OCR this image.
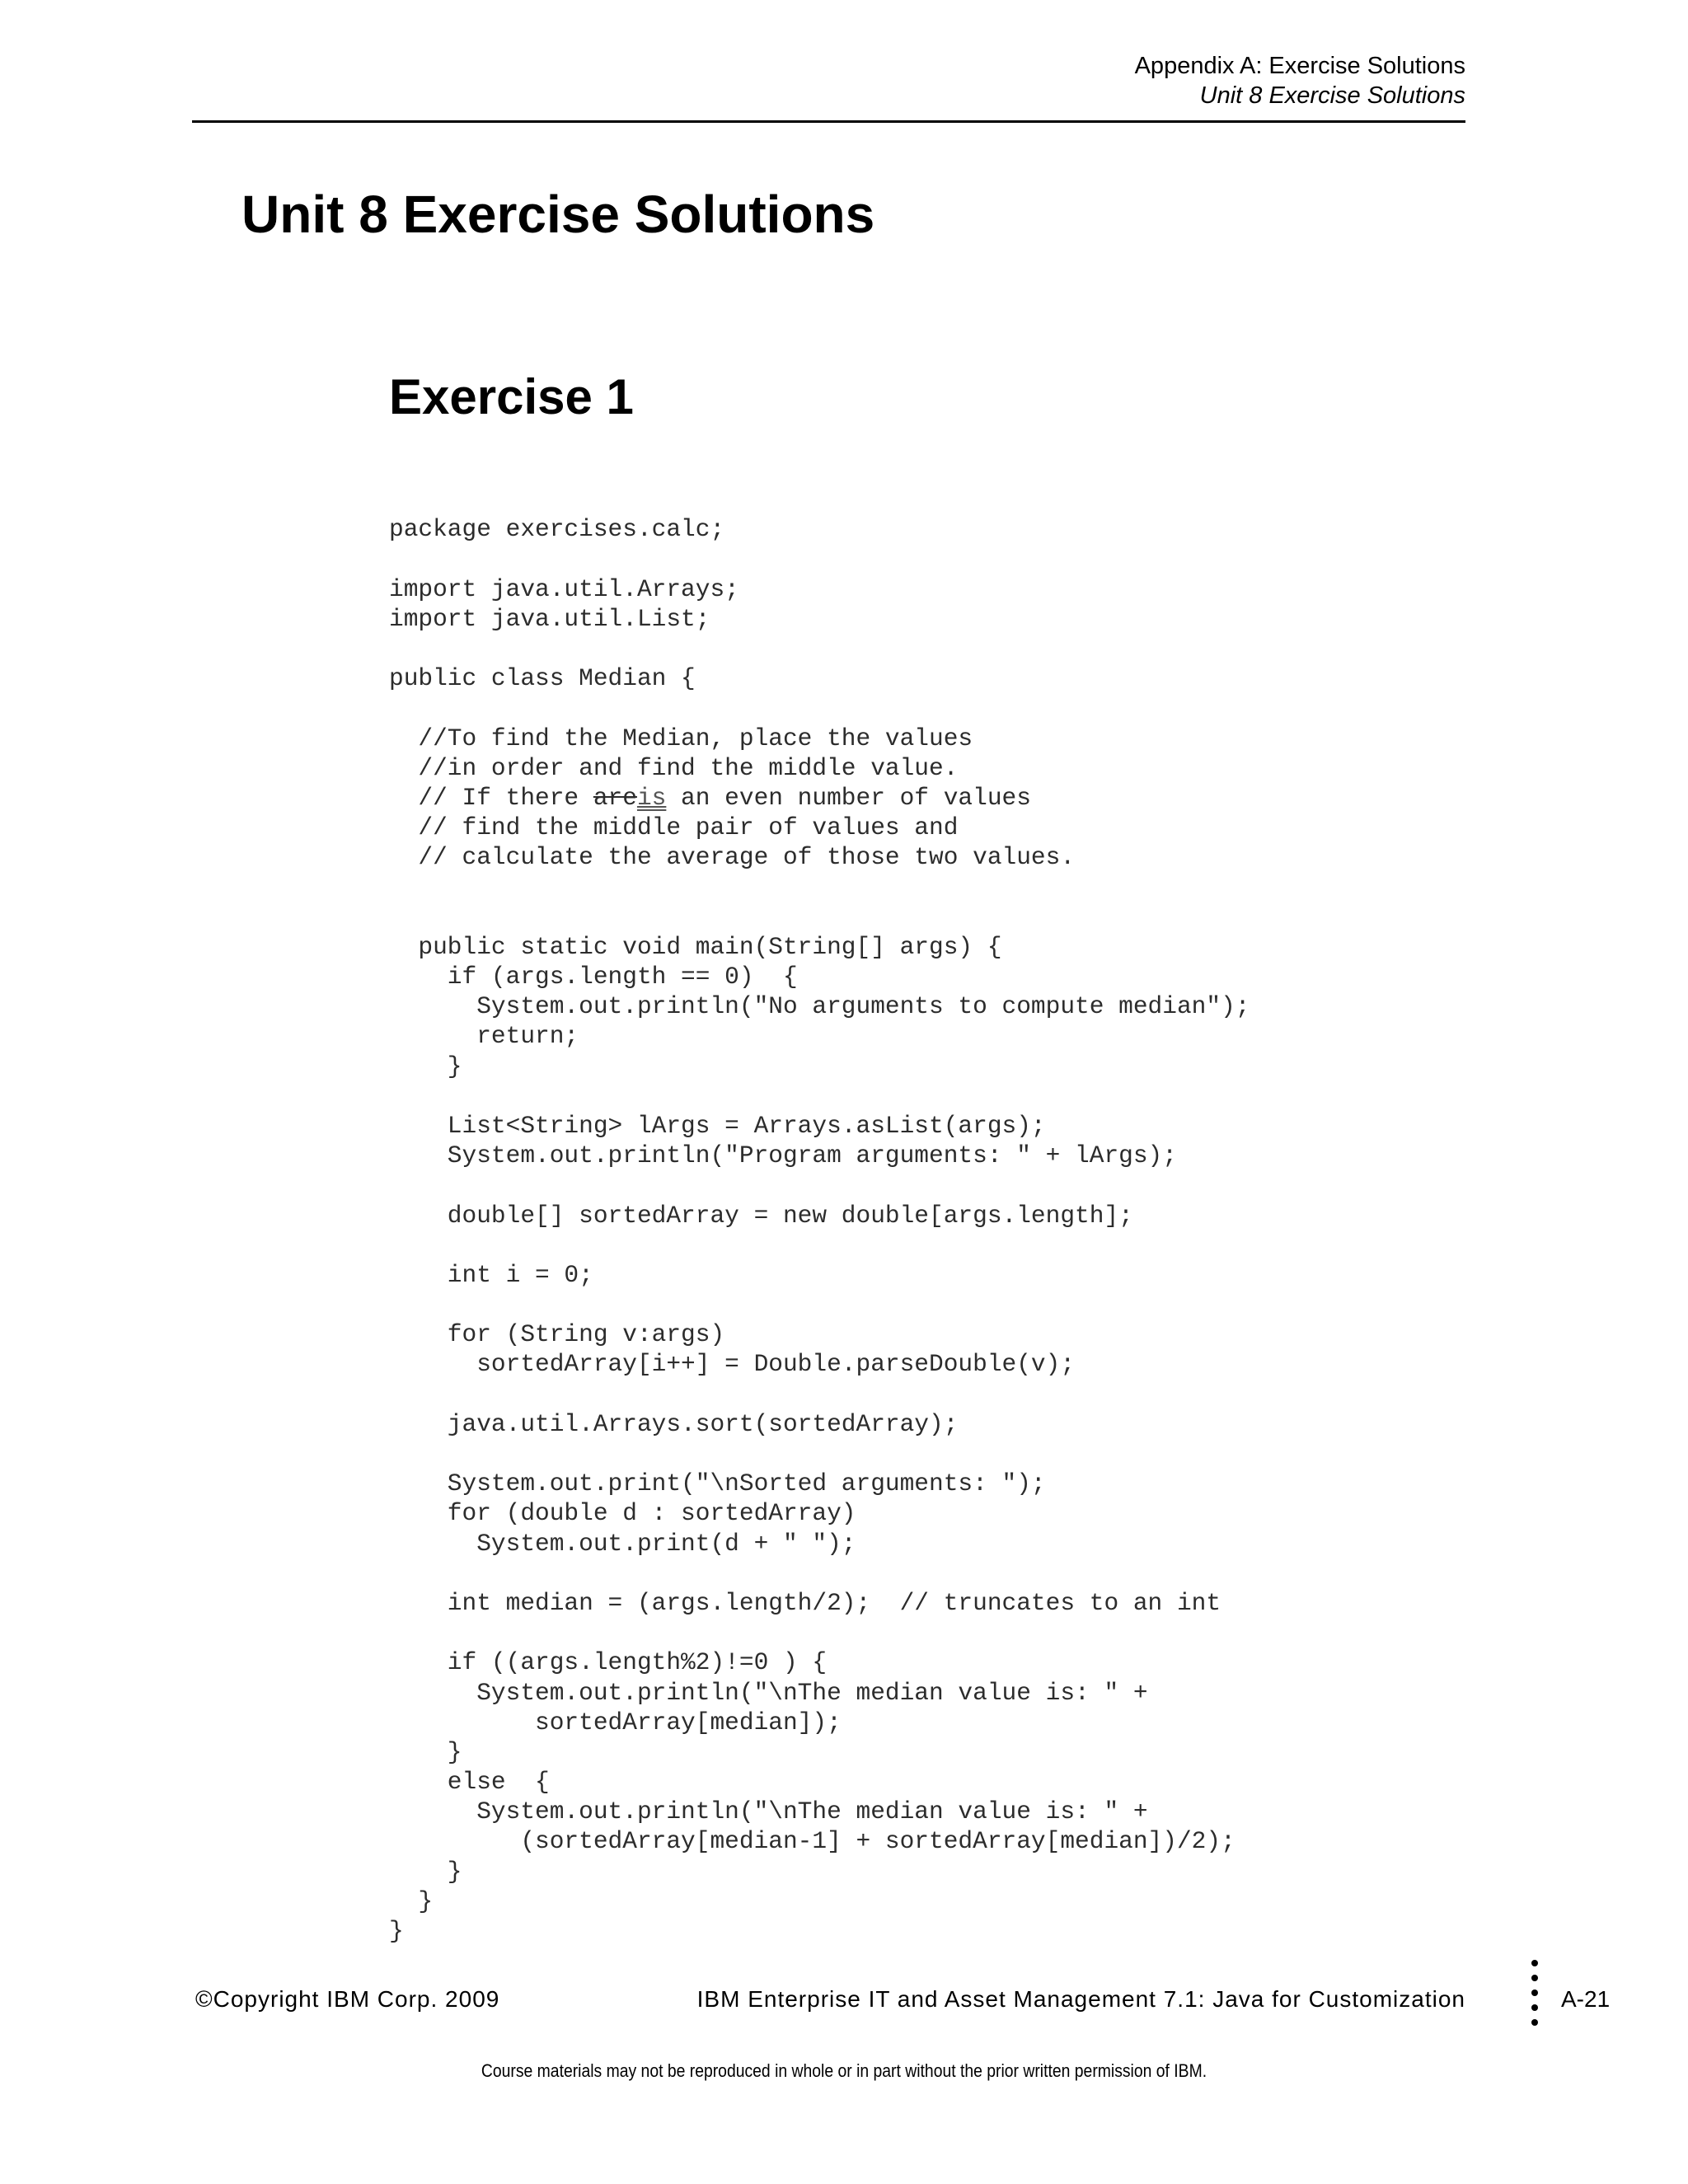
Appendix A: Exercise Solutions
Unit 8 Exercise Solutions
Unit 8 Exercise Solutions
Exercise 1

package exercises.calc;
import java.util.Arrays;
import java.util.List;
public class Median {
//To find the Median, place the values
//in order and find the middle value.
// If there areis an even number of values
// find the middle pair of values and
// calculate the average of those two values.
public static void main(String[] args) {
if (args.length == 0)  {
System.out.println("No arguments to compute median");
return;
}
List<String> lArgs = Arrays.asList(args);
System.out.println("Program arguments: " + lArgs);
double[] sortedArray = new double[args.length];
int i = 0;
for (String v:args)
sortedArray[i++] = Double.parseDouble(v);
java.util.Arrays.sort(sortedArray);
System.out.print("\nSorted arguments: ");
for (double d : sortedArray)
System.out.print(d + " ");
int median = (args.length/2);  // truncates to an int
if ((args.length%2)!=0 ) {
System.out.println("\nThe median value is: " +
sortedArray[median]);
}
else  {
System.out.println("\nThe median value is: " +
(sortedArray[median-1] + sortedArray[median])/2);
}
}
}

©Copyright IBM Corp. 2009	IBM Enterprise IT and Asset Management 7.1: Java for Customization	A-21
Course materials may not be reproduced in whole or in part without the prior written permission of IBM.
